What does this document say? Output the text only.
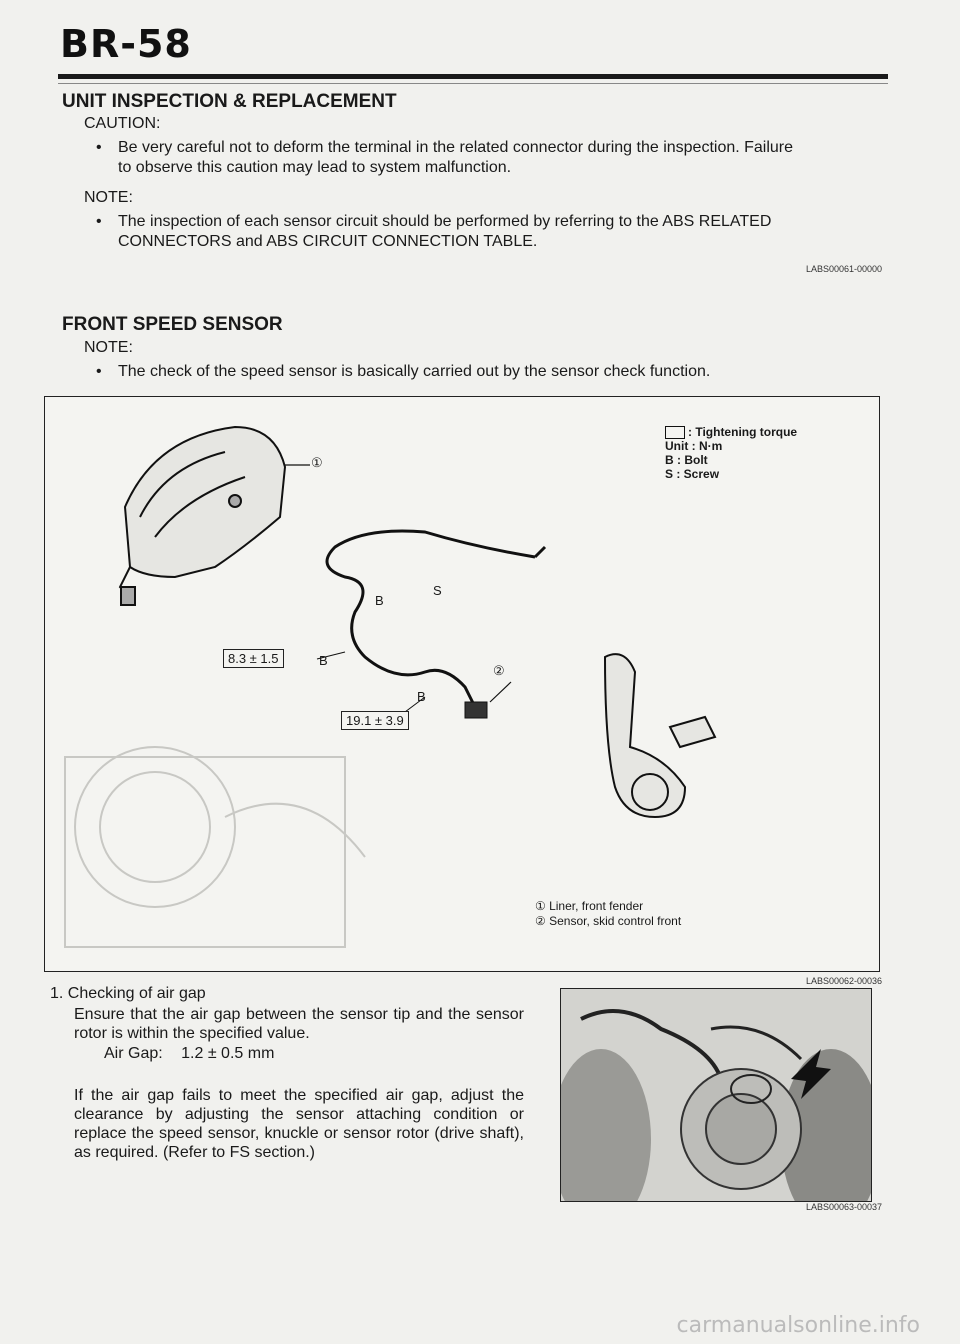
BR-58
UNIT INSPECTION & REPLACEMENT
CAUTION:
• Be very careful not to deform the terminal in the related connector during the inspection. Failure to observe this caution may lead to system malfunction.
NOTE:
• The inspection of each sensor circuit should be performed by referring to the ABS RELATED CONNECTORS and ABS CIRCUIT CONNECTION TABLE.
LABS00061-00000
FRONT SPEED SENSOR
NOTE:
• The check of the speed sensor is basically carried out by the sensor check function.
: Tightening torque
Unit : N·m
B : Bolt
S : Screw
①
②
B
S
B
B
8.3 ± 1.5
19.1 ± 3.9
① Liner, front fender
② Sensor, skid control front
LABS00062-00036
1. Checking of air gap
Ensure that the air gap between the sensor tip and the sensor rotor is within the specified value.
Air Gap: 1.2 ± 0.5 mm
If the air gap fails to meet the specified air gap, adjust the clearance by adjusting the sensor attaching condition or replace the speed sensor, knuckle or sensor rotor (drive shaft), as required. (Refer to FS section.)
LABS00063-00037
carmanualsonline.info
